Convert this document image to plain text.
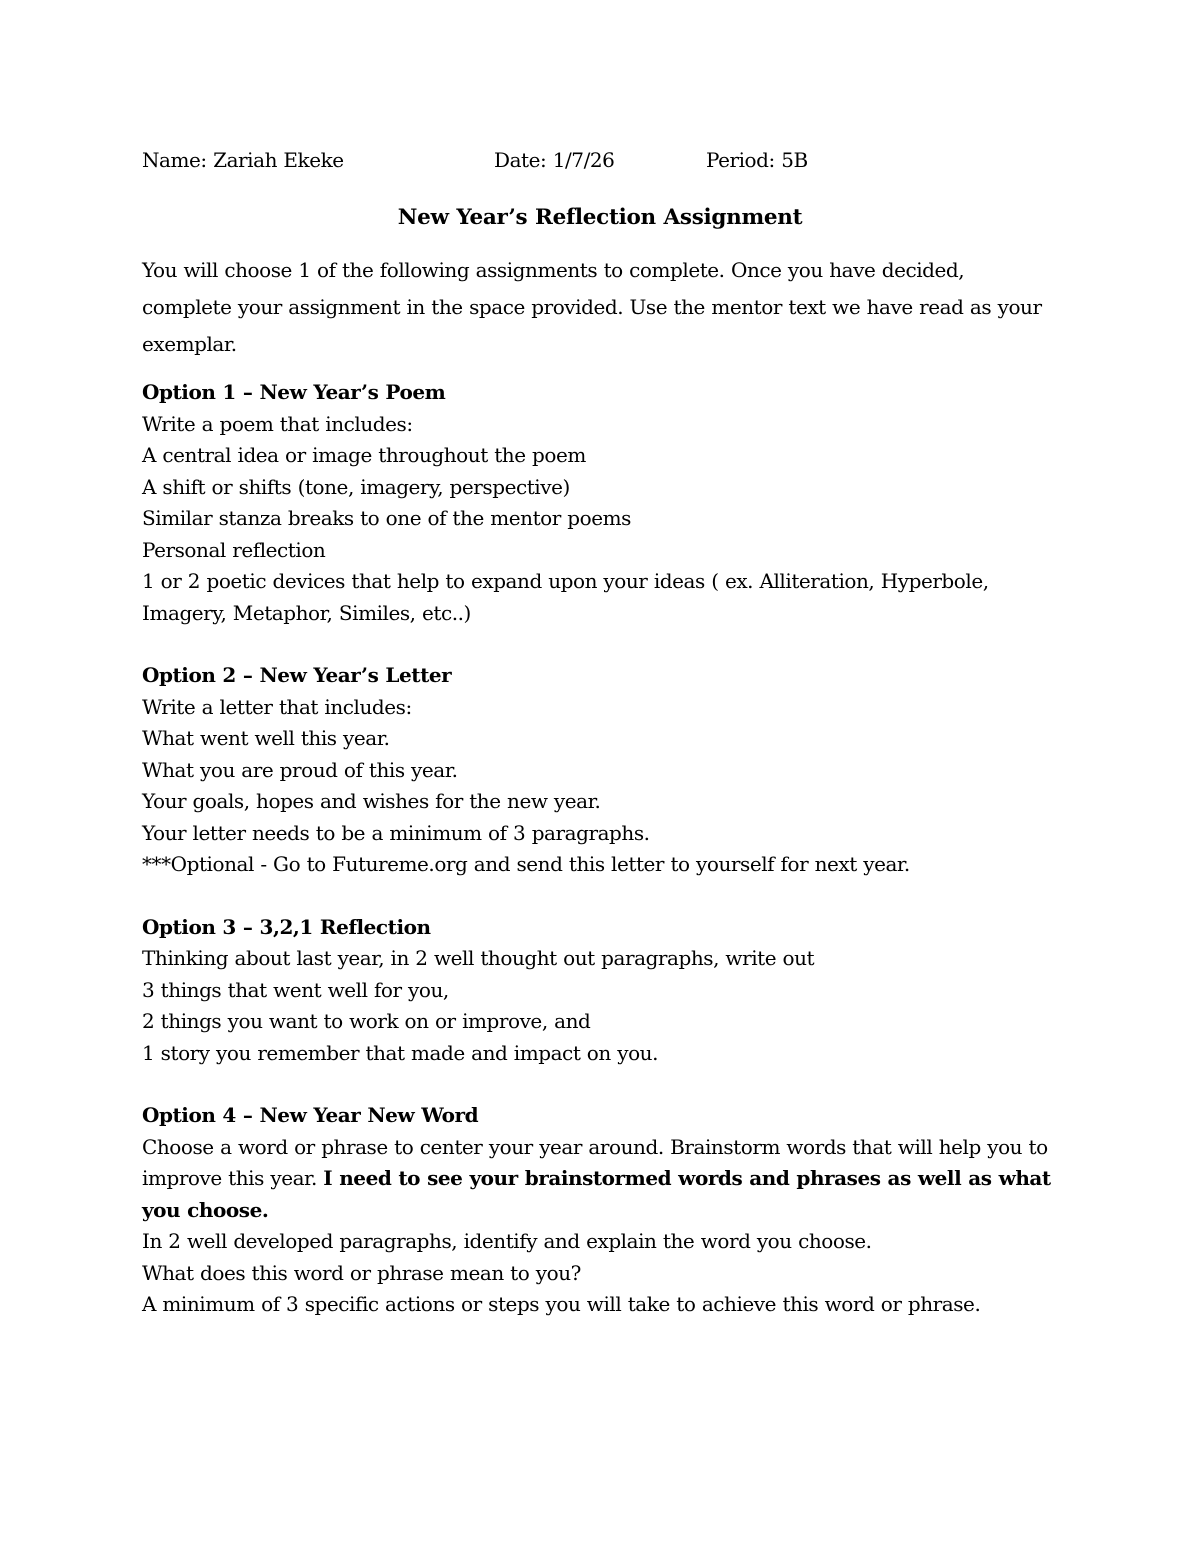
Name: Zariah Ekeke	Date: 1/7/26	Period: 5B
New Year’s Reflection Assignment

You will choose 1 of the following assignments to complete. Once you have decided, complete your assignment in the space provided. Use the mentor text we have read as your exemplar.

Option 1 – New Year’s Poem
Write a poem that includes:
A central idea or image throughout the poem
A shift or shifts (tone, imagery, perspective)
Similar stanza breaks to one of the mentor poems
Personal reflection
1 or 2 poetic devices that help to expand upon your ideas ( ex. Alliteration, Hyperbole, Imagery, Metaphor, Similes, etc..)
Option 2 – New Year’s Letter
Write a letter that includes:
What went well this year.
What you are proud of this year.
Your goals, hopes and wishes for the new year.
Your letter needs to be a minimum of 3 paragraphs.
***Optional - Go to Futureme.org and send this letter to yourself for next year.
Option 3 – 3,2,1 Reflection
Thinking about last year, in 2 well thought out paragraphs, write out
3 things that went well for you,
2 things you want to work on or improve, and
1 story you remember that made and impact on you.
Option 4 – New Year New Word
Choose a word or phrase to center your year around. Brainstorm words that will help you to improve this year. I need to see your brainstormed words and phrases as well as what you choose.
In 2 well developed paragraphs, identify and explain the word you choose.
What does this word or phrase mean to you?
A minimum of 3 specific actions or steps you will take to achieve this word or phrase.
